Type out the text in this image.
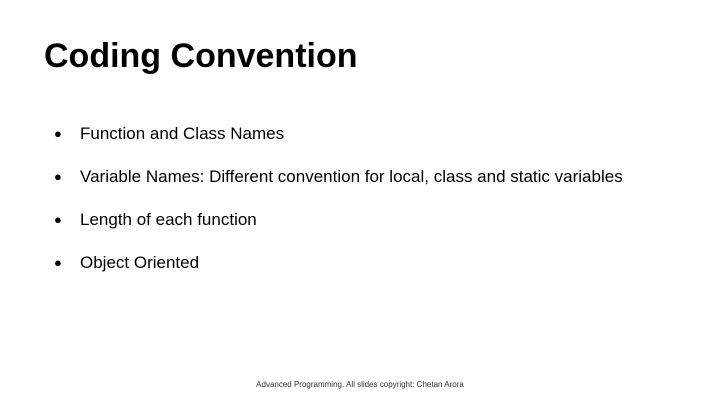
Coding Convention
●	Function and Class Names
●	Variable Names: Different convention for local, class and static variables
●	Length of each function
●	Object Oriented
Advanced Programming. All slides copyright: Chetan Arora
